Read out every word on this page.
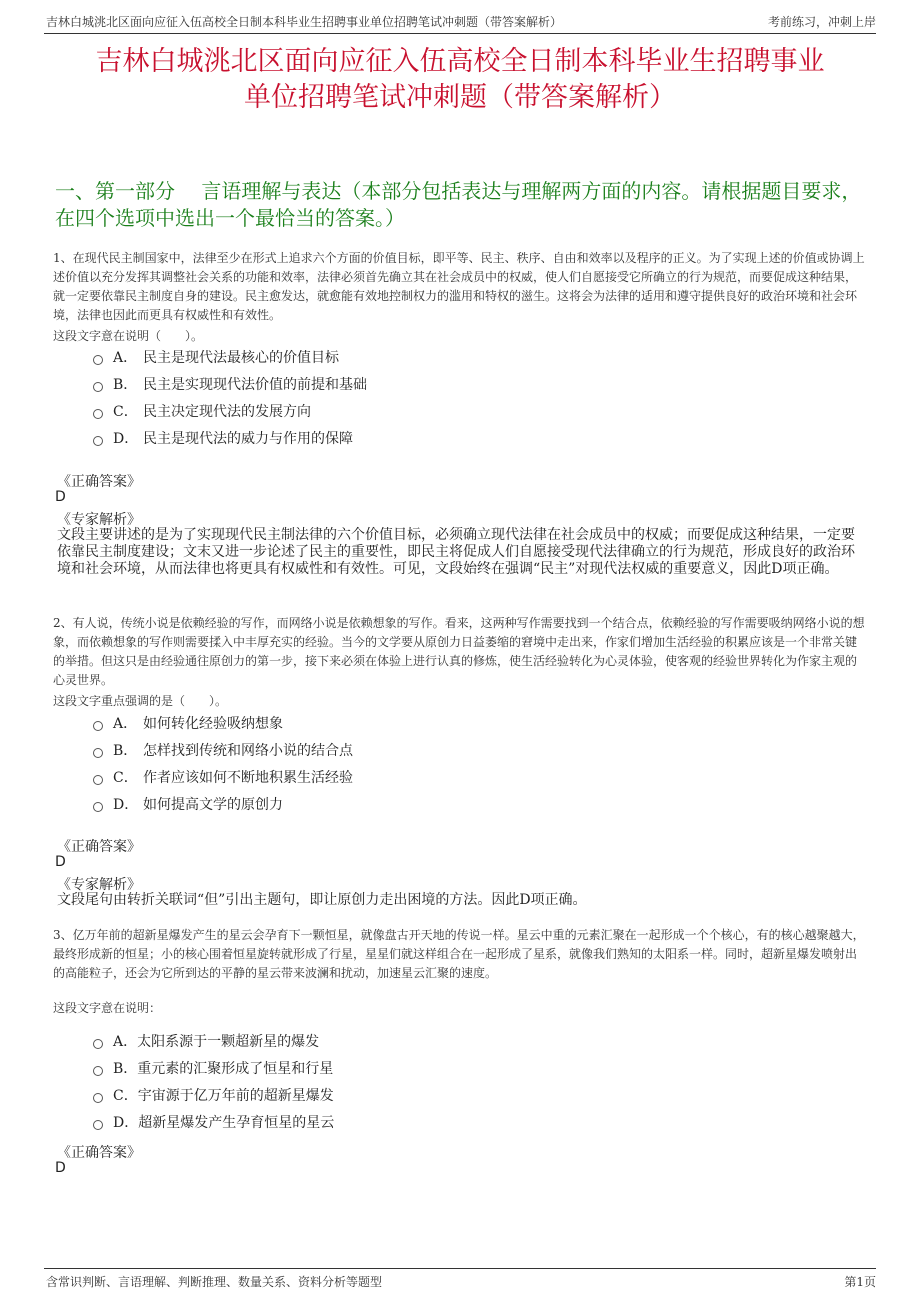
吉林白城洮北区面向应征入伍高校全日制本科毕业生招聘事业单位招聘笔试冲刺题（带答案解析）	考前练习，冲刺上岸
吉林白城洮北区面向应征入伍高校全日制本科毕业生招聘事业
单位招聘笔试冲刺题（带答案解析）
一、第一部分　 言语理解与表达（本部分包括表达与理解两方面的内容。请根据题目要求，在四个选项中选出一个最恰当的答案。）
1、在现代民主制国家中，法律至少在形式上追求六个方面的价值目标，即平等、民主、秩序、自由和效率以及程序的正义。为了实现上述的价值或协调上述价值以充分发挥其调整社会关系的功能和效率，法律必须首先确立其在社会成员中的权威，使人们自愿接受它所确立的行为规范，而要促成这种结果，就一定要依靠民主制度自身的建设。民主愈发达，就愈能有效地控制权力的滥用和特权的滋生。这将会为法律的适用和遵守提供良好的政治环境和社会环境，法律也因此而更具有权威性和有效性。
这段文字意在说明（　　）。
A． 民主是现代法最核心的价值目标
B． 民主是实现现代法价值的前提和基础
C． 民主决定现代法的发展方向
D． 民主是现代法的威力与作用的保障
《正确答案》
D
《专家解析》
文段主要讲述的是为了实现现代民主制法律的六个价值目标，必须确立现代法律在社会成员中的权威；而要促成这种结果，一定要依靠民主制度建设；文末又进一步论述了民主的重要性，即民主将促成人们自愿接受现代法律确立的行为规范，形成良好的政治环境和社会环境，从而法律也将更具有权威性和有效性。可见，文段始终在强调“民主”对现代法权威的重要意义，因此D项正确。
2、有人说，传统小说是依赖经验的写作，而网络小说是依赖想象的写作。看来，这两种写作需要找到一个结合点，依赖经验的写作需要吸纳网络小说的想象，而依赖想象的写作则需要揉入中丰厚充实的经验。当今的文学要从原创力日益萎缩的窘境中走出来，作家们增加生活经验的积累应该是一个非常关键的举措。但这只是由经验通往原创力的第一步，接下来必须在体验上进行认真的修炼，使生活经验转化为心灵体验，使客观的经验世界转化为作家主观的心灵世界。
这段文字重点强调的是（　　）。
A． 如何转化经验吸纳想象
B． 怎样找到传统和网络小说的结合点
C． 作者应该如何不断地积累生活经验
D． 如何提高文学的原创力
《正确答案》
D
《专家解析》
文段尾句由转折关联词“但”引出主题句，即让原创力走出困境的方法。因此D项正确。
3、亿万年前的超新星爆发产生的星云会孕育下一颗恒星，就像盘古开天地的传说一样。星云中重的元素汇聚在一起形成一个个核心，有的核心越聚越大，最终形成新的恒星；小的核心围着恒星旋转就形成了行星，星星们就这样组合在一起形成了星系，就像我们熟知的太阳系一样。同时，超新星爆发喷射出的高能粒子，还会为它所到达的平静的星云带来波澜和扰动，加速星云汇聚的速度。
这段文字意在说明：
A． 太阳系源于一颗超新星的爆发
B． 重元素的汇聚形成了恒星和行星
C． 宇宙源于亿万年前的超新星爆发
D． 超新星爆发产生孕育恒星的星云
《正确答案》
D
含常识判断、言语理解、判断推理、数量关系、资料分析等题型	第1页
